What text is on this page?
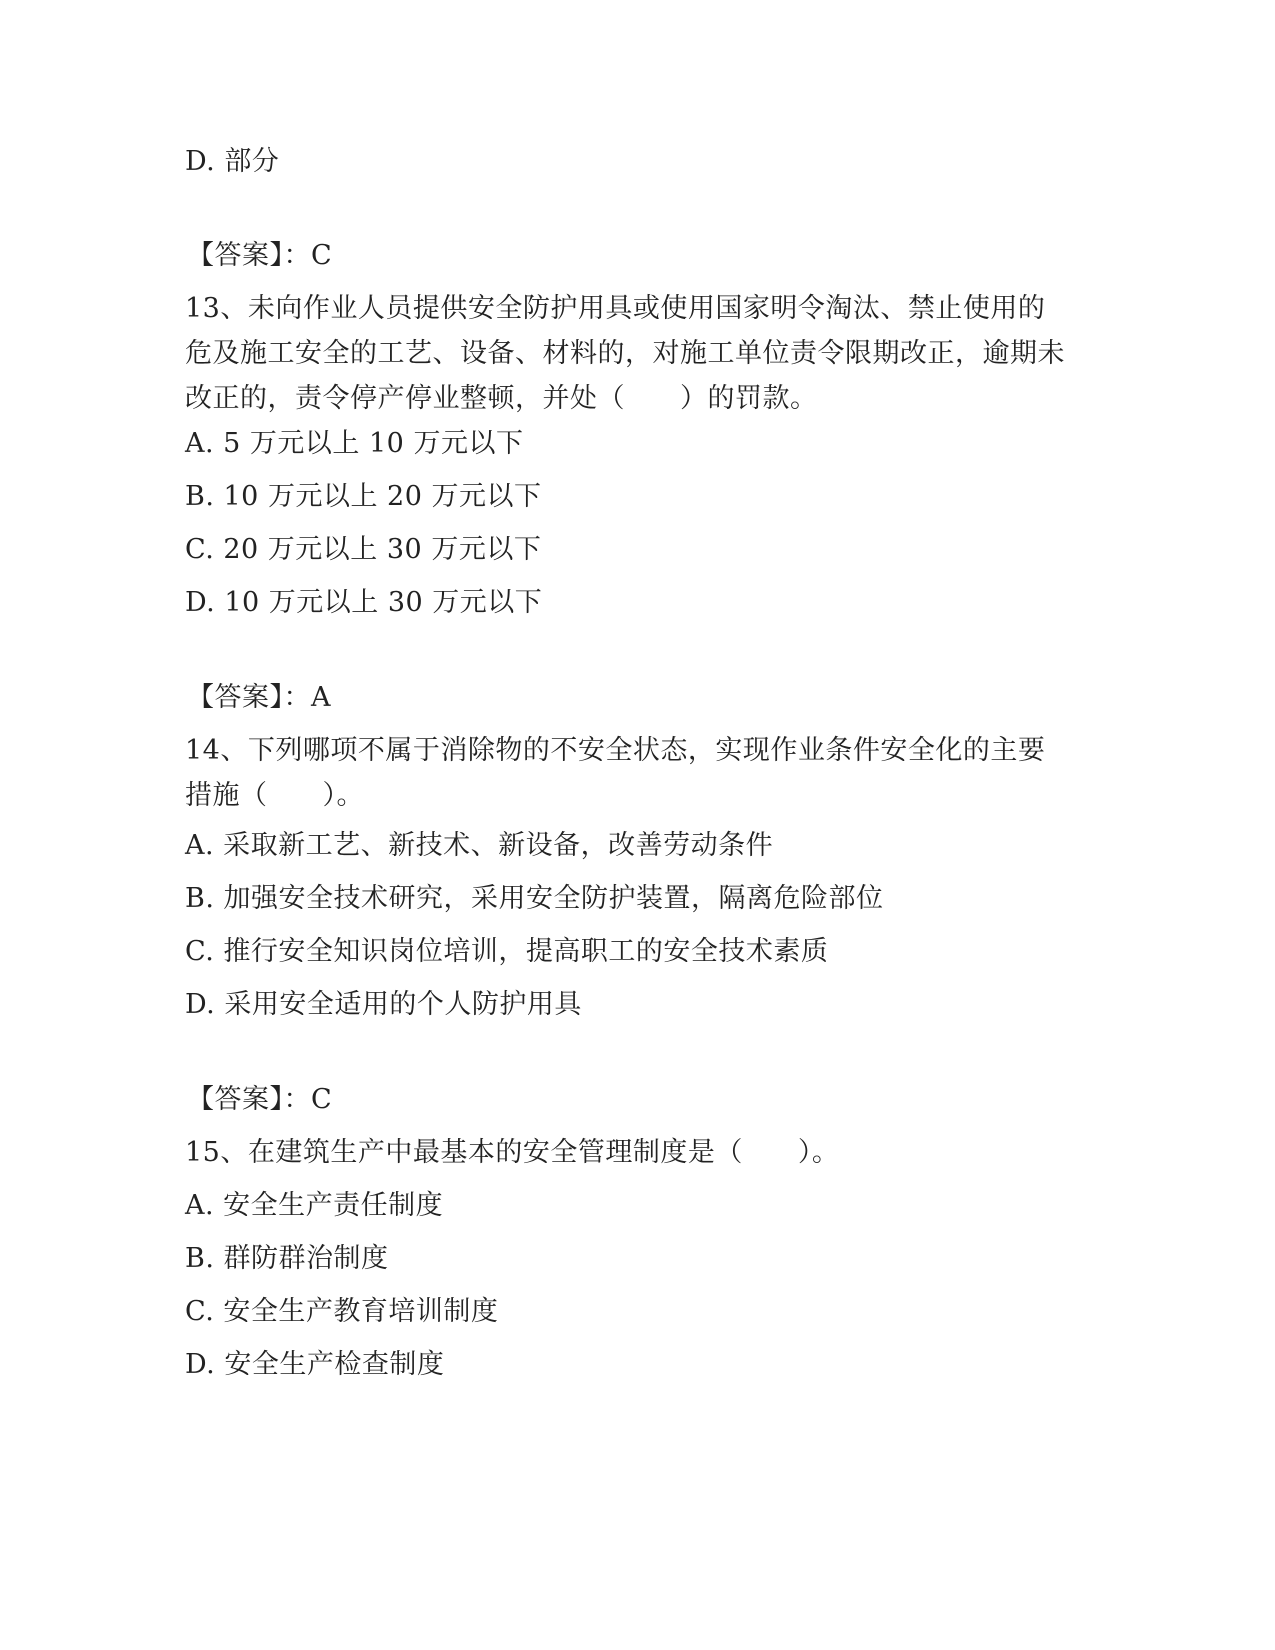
D. 部分
【答案】：C
13、未向作业人员提供安全防护用具或使用国家明令淘汰、禁止使用的危及施工安全的工艺、设备、材料的，对施工单位责令限期改正，逾期未改正的，责令停产停业整顿，并处（　　）的罚款。
A. 5 万元以上 10 万元以下
B. 10 万元以上 20 万元以下
C. 20 万元以上 30 万元以下
D. 10 万元以上 30 万元以下
【答案】：A
14、下列哪项不属于消除物的不安全状态，实现作业条件安全化的主要措施（　　）。
A. 采取新工艺、新技术、新设备，改善劳动条件
B. 加强安全技术研究，采用安全防护装置，隔离危险部位
C. 推行安全知识岗位培训，提高职工的安全技术素质
D. 采用安全适用的个人防护用具
【答案】：C
15、在建筑生产中最基本的安全管理制度是（　　）。
A. 安全生产责任制度
B. 群防群治制度
C. 安全生产教育培训制度
D. 安全生产检查制度
